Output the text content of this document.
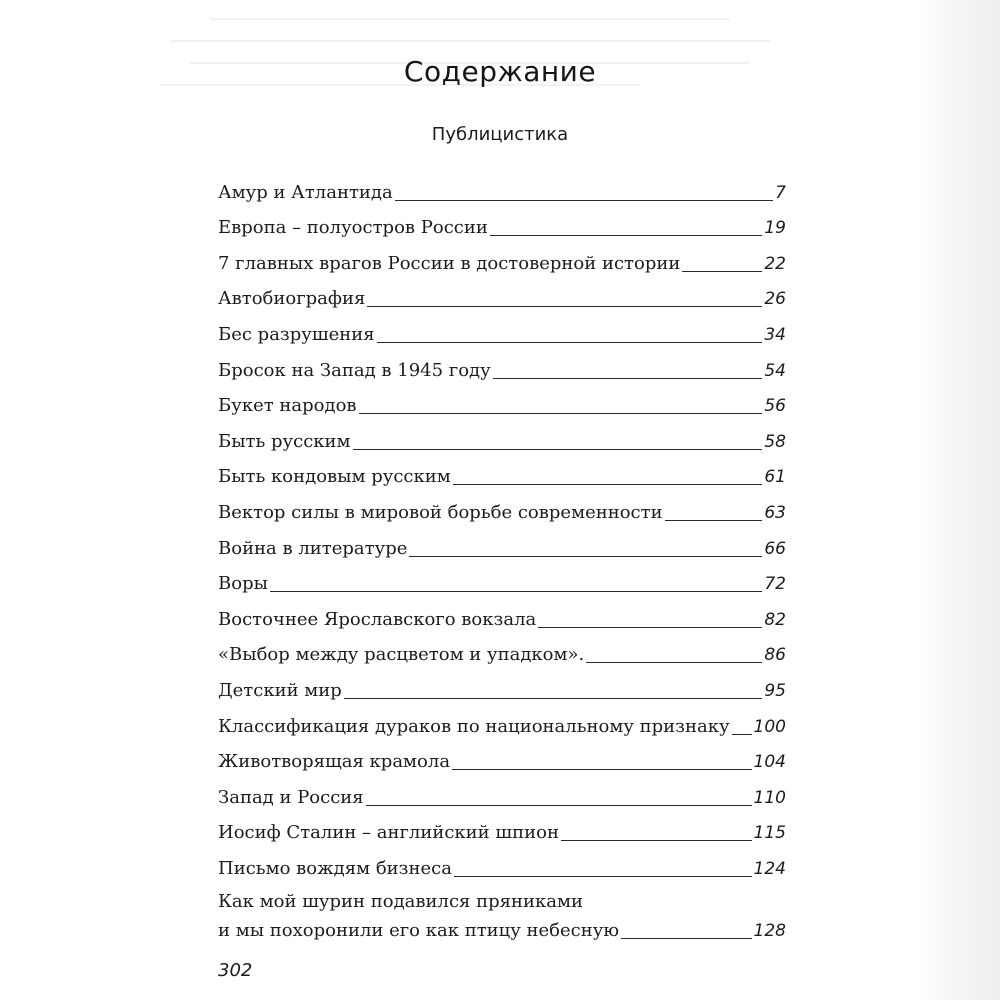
Содержание
Публицистика
Амур и Атлантида	7
Европа – полуостров России	19
7 главных врагов России в достоверной истории	22
Автобиография	26
Бес разрушения	34
Бросок на Запад в 1945 году	54
Букет народов	56
Быть русским	58
Быть кондовым русским	61
Вектор силы в мировой борьбе современности	63
Война в литературе	66
Воры	72
Восточнее Ярославского вокзала	82
«Выбор между расцветом и упадком».	86
Детский мир	95
Классификация дураков по национальному признаку 100
Животворящая крамола	104
Запад и Россия	110
Иосиф Сталин – английский шпион	115
Письмо вождям бизнеса	124
Как мой шурин подавился пряниками
и мы похоронили его как птицу небесную	128
302
